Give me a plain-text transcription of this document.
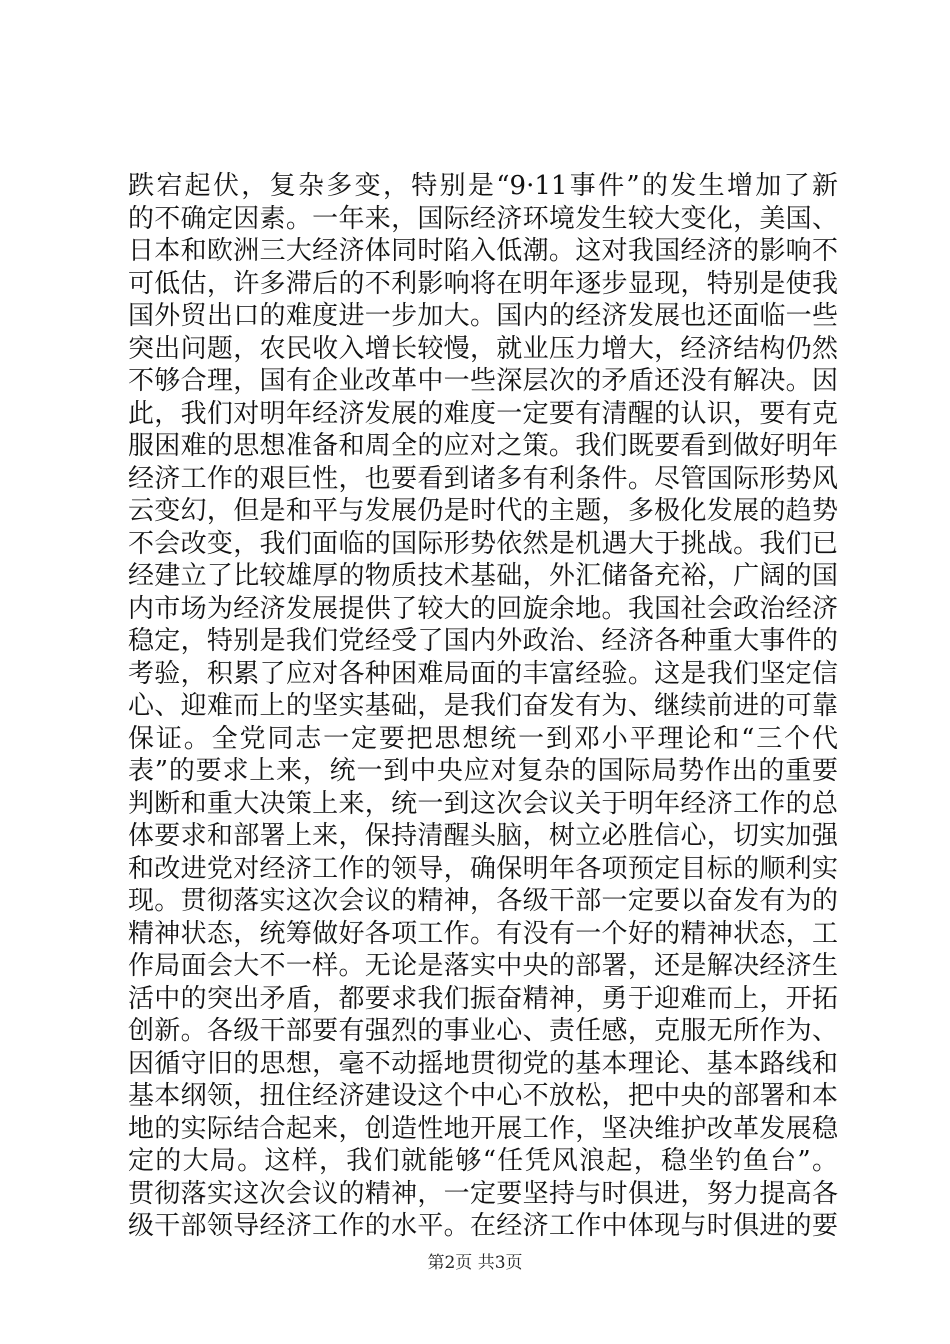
跌宕起伏，复杂多变，特别是“9·11事件”的发生增加了新
的不确定因素。一年来，国际经济环境发生较大变化，美国、
日本和欧洲三大经济体同时陷入低潮。这对我国经济的影响不
可低估，许多滞后的不利影响将在明年逐步显现，特别是使我
国外贸出口的难度进一步加大。国内的经济发展也还面临一些
突出问题，农民收入增长较慢，就业压力增大，经济结构仍然
不够合理，国有企业改革中一些深层次的矛盾还没有解决。因
此，我们对明年经济发展的难度一定要有清醒的认识，要有克
服困难的思想准备和周全的应对之策。我们既要看到做好明年
经济工作的艰巨性，也要看到诸多有利条件。尽管国际形势风
云变幻，但是和平与发展仍是时代的主题，多极化发展的趋势
不会改变，我们面临的国际形势依然是机遇大于挑战。我们已
经建立了比较雄厚的物质技术基础，外汇储备充裕，广阔的国
内市场为经济发展提供了较大的回旋余地。我国社会政治经济
稳定，特别是我们党经受了国内外政治、经济各种重大事件的
考验，积累了应对各种困难局面的丰富经验。这是我们坚定信
心、迎难而上的坚实基础，是我们奋发有为、继续前进的可靠
保证。全党同志一定要把思想统一到邓小平理论和“三个代
表”的要求上来，统一到中央应对复杂的国际局势作出的重要
判断和重大决策上来，统一到这次会议关于明年经济工作的总
体要求和部署上来，保持清醒头脑，树立必胜信心，切实加强
和改进党对经济工作的领导，确保明年各项预定目标的顺利实
现。贯彻落实这次会议的精神，各级干部一定要以奋发有为的
精神状态，统筹做好各项工作。有没有一个好的精神状态，工
作局面会大不一样。无论是落实中央的部署，还是解决经济生
活中的突出矛盾，都要求我们振奋精神，勇于迎难而上，开拓
创新。各级干部要有强烈的事业心、责任感，克服无所作为、
因循守旧的思想，毫不动摇地贯彻党的基本理论、基本路线和
基本纲领，扭住经济建设这个中心不放松，把中央的部署和本
地的实际结合起来，创造性地开展工作，坚决维护改革发展稳
定的大局。这样，我们就能够“任凭风浪起，稳坐钓鱼台”。
贯彻落实这次会议的精神，一定要坚持与时俱进，努力提高各
级干部领导经济工作的水平。在经济工作中体现与时俱进的要

第2页 共3页
